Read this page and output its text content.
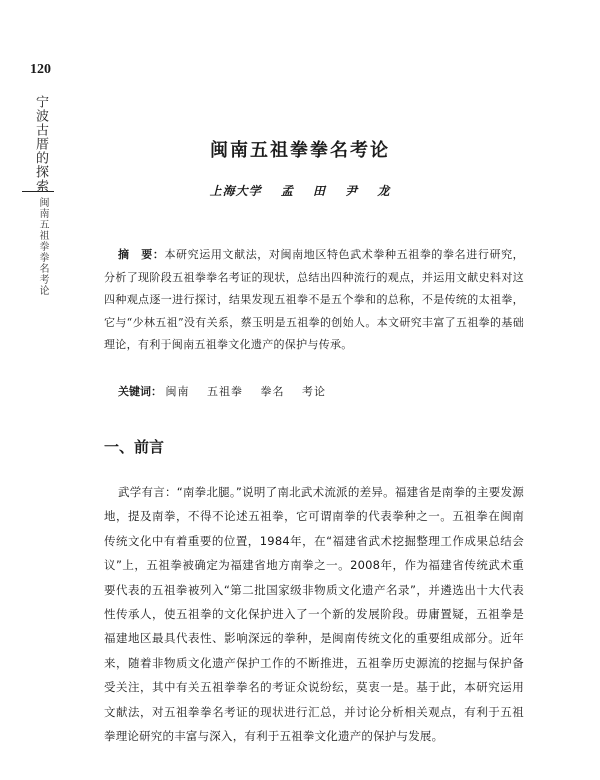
120
宁波古厝的探索
闽南五祖拳拳名考论
闽南五祖拳拳名考论
上海大学 孟 田 尹 龙
摘　要：本研究运用文献法，对闽南地区特色武术拳种五祖拳的拳名进行研究，分析了现阶段五祖拳拳名考证的现状，总结出四种流行的观点，并运用文献史料对这四种观点逐一进行探讨，结果发现五祖拳不是五个拳和的总称，不是传统的太祖拳，它与“少林五祖”没有关系，蔡玉明是五祖拳的创始人。本文研究丰富了五祖拳的基础理论，有利于闽南五祖拳文化遗产的保护与传承。
关键词： 闽南 五祖拳 拳名 考论
一、前言
武学有言：“南拳北腿。”说明了南北武术流派的差异。福建省是南拳的主要发源地，提及南拳，不得不论述五祖拳，它可谓南拳的代表拳种之一。五祖拳在闽南传统文化中有着重要的位置，1984年，在“福建省武术挖掘整理工作成果总结会议”上，五祖拳被确定为福建省地方南拳之一。2008年，作为福建省传统武术重要代表的五祖拳被列入“第二批国家级非物质文化遗产名录”，并遴选出十大代表性传承人，使五祖拳的文化保护进入了一个新的发展阶段。毋庸置疑，五祖拳是福建地区最具代表性、影响深远的拳种，是闽南传统文化的重要组成部分。近年来，随着非物质文化遗产保护工作的不断推进，五祖拳历史源流的挖掘与保护备受关注，其中有关五祖拳拳名的考证众说纷纭，莫衷一是。基于此，本研究运用文献法，对五祖拳拳名考证的现状进行汇总，并讨论分析相关观点，有利于五祖拳理论研究的丰富与深入，有利于五祖拳文化遗产的保护与发展。
